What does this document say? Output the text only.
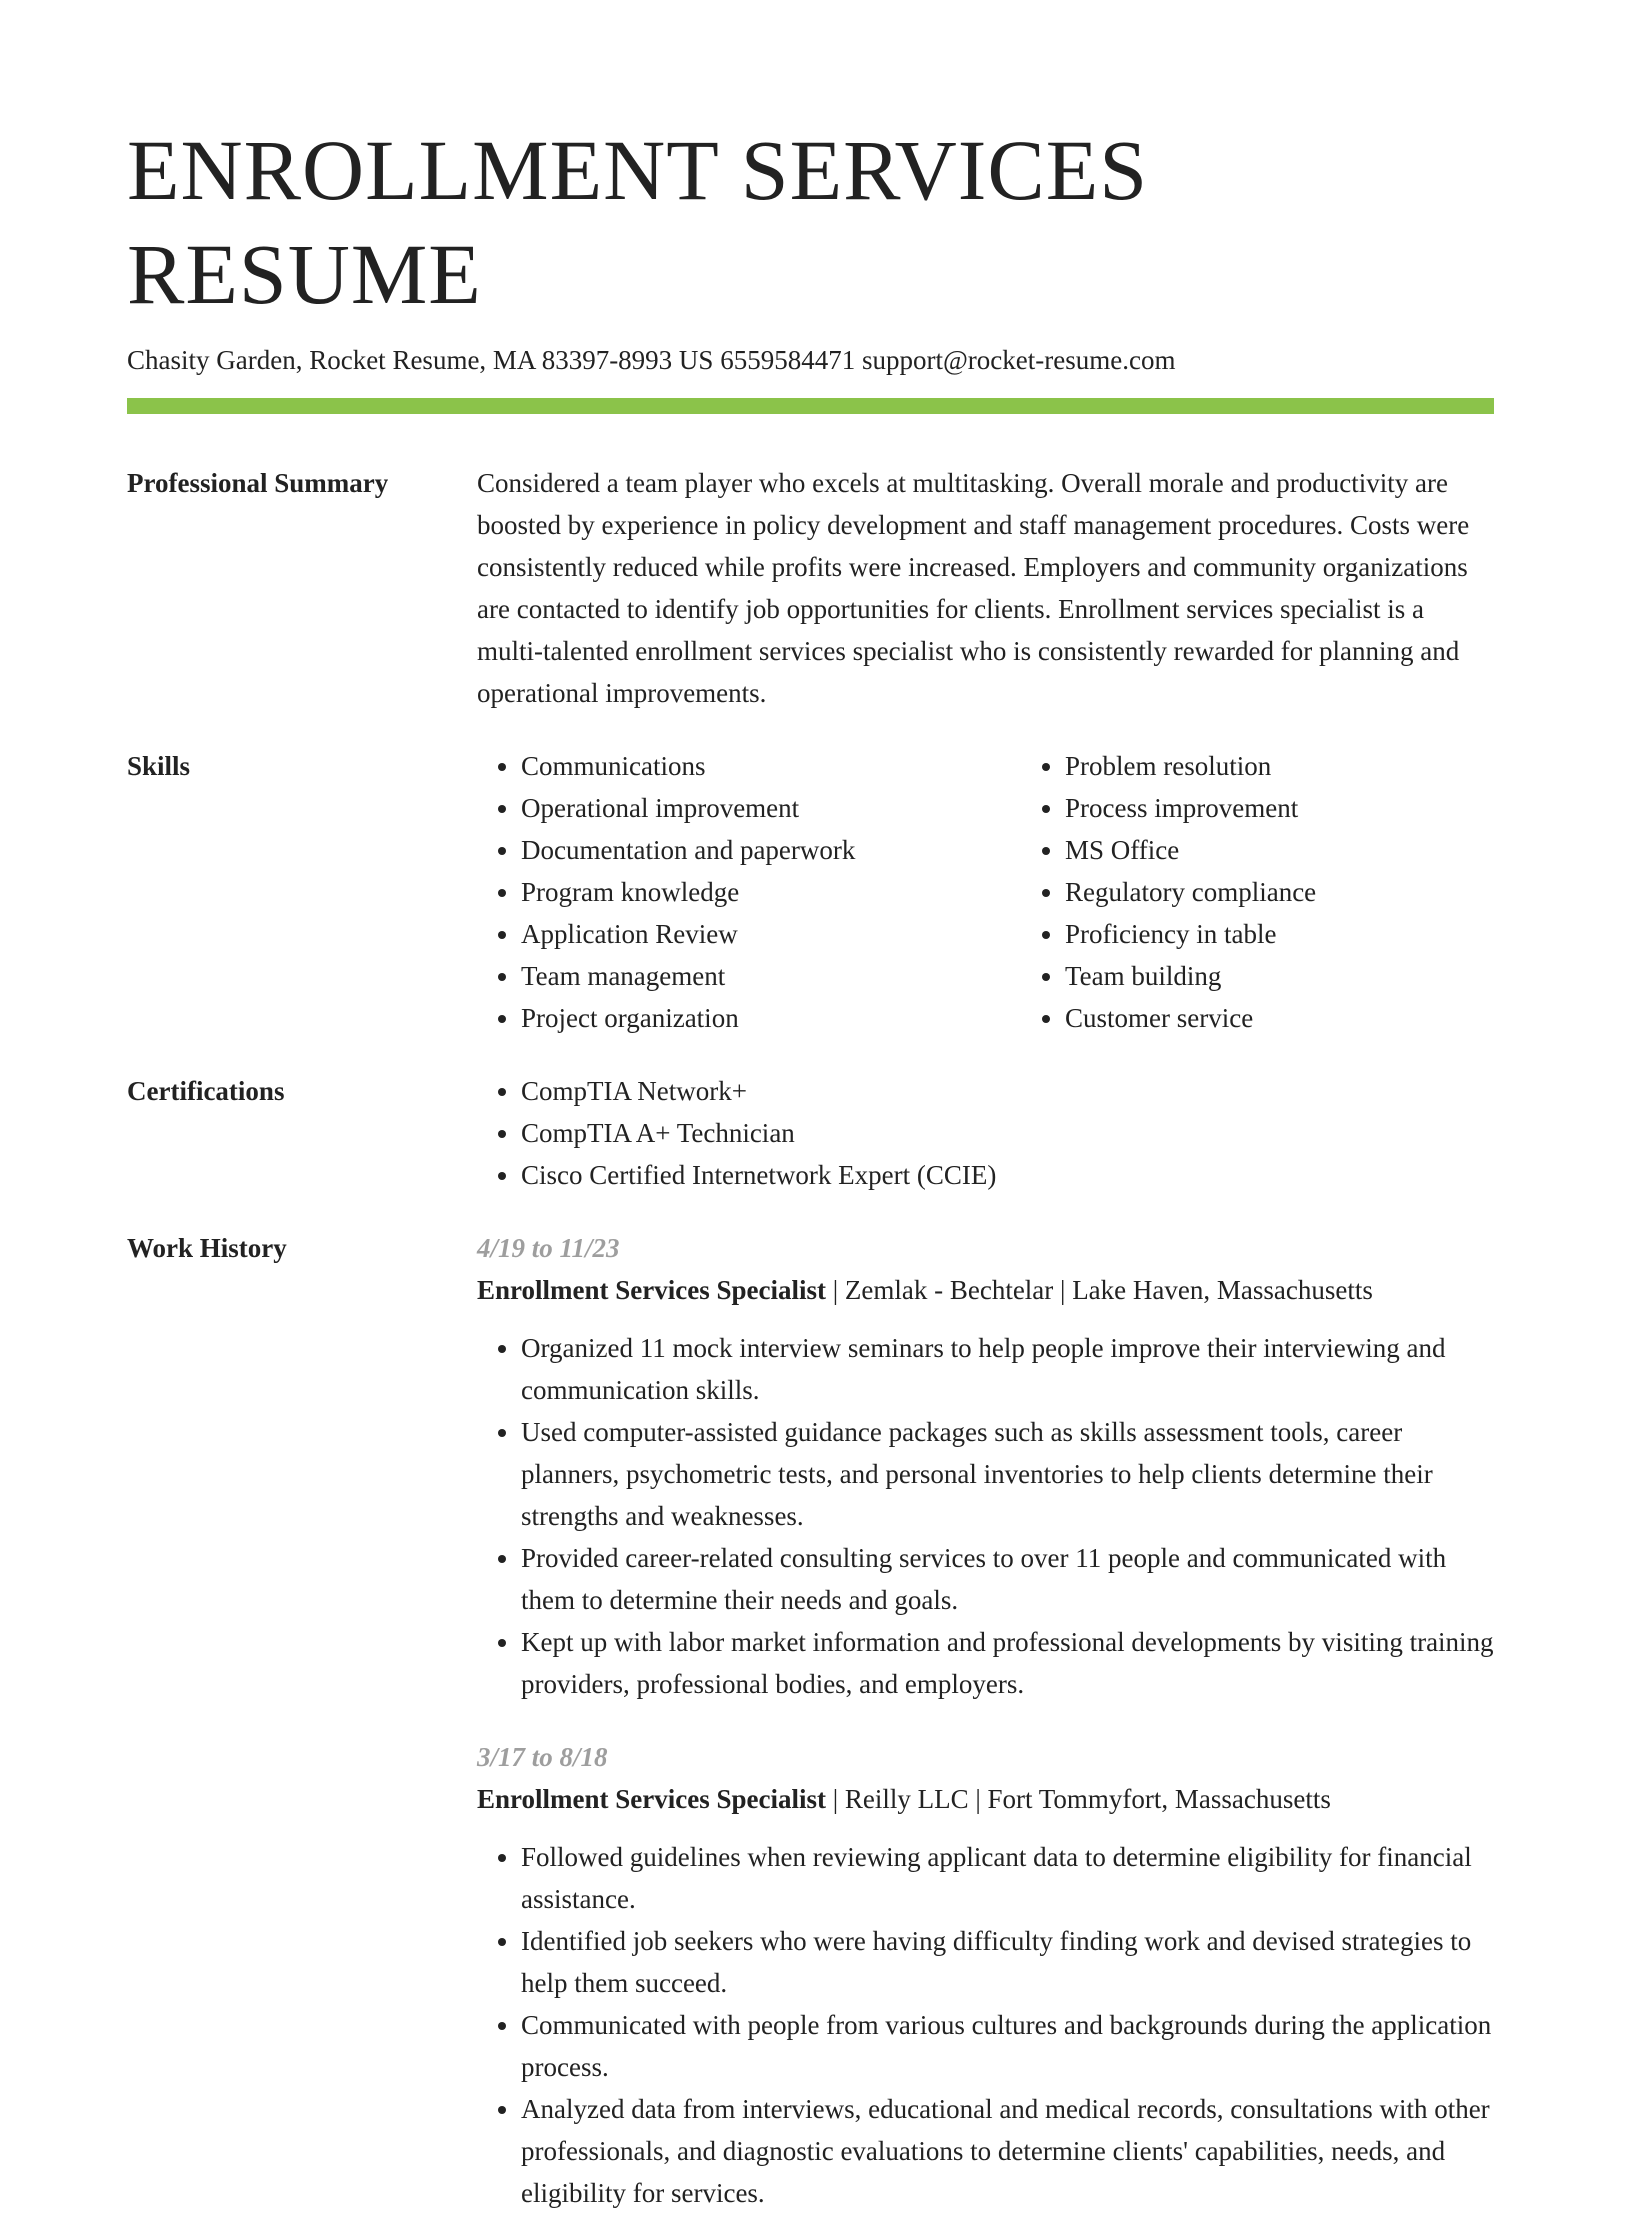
ENROLLMENT SERVICES RESUME
Chasity Garden, Rocket Resume, MA 83397-8993 US 6559584471 support@rocket-resume.com
Professional Summary	Considered a team player who excels at multitasking. Overall morale and productivity are boosted by experience in policy development and staff management procedures. Costs were consistently reduced while profits were increased. Employers and community organizations are contacted to identify job opportunities for clients. Enrollment services specialist is a multi-talented enrollment services specialist who is consistently rewarded for planning and operational improvements.

Skills	• Communications
• Operational improvement
• Documentation and paperwork
• Program knowledge
• Application Review
• Team management
• Project organization
• Problem resolution
• Process improvement
• MS Office
• Regulatory compliance
• Proficiency in table
• Team building
• Customer service
Certifications	• CompTIA Network+
• CompTIA A+ Technician
• Cisco Certified Internetwork Expert (CCIE)
Work History	4/19 to 11/23
Enrollment Services Specialist | Zemlak - Bechtelar | Lake Haven, Massachusetts
• Organized 11 mock interview seminars to help people improve their interviewing and communication skills.
• Used computer-assisted guidance packages such as skills assessment tools, career planners, psychometric tests, and personal inventories to help clients determine their strengths and weaknesses.
• Provided career-related consulting services to over 11 people and communicated with them to determine their needs and goals.
• Kept up with labor market information and professional developments by visiting training providers, professional bodies, and employers.
3/17 to 8/18
Enrollment Services Specialist | Reilly LLC | Fort Tommyfort, Massachusetts
• Followed guidelines when reviewing applicant data to determine eligibility for financial assistance.
• Identified job seekers who were having difficulty finding work and devised strategies to help them succeed.
• Communicated with people from various cultures and backgrounds during the application process.
• Analyzed data from interviews, educational and medical records, consultations with other professionals, and diagnostic evaluations to determine clients' capabilities, needs, and eligibility for services.
